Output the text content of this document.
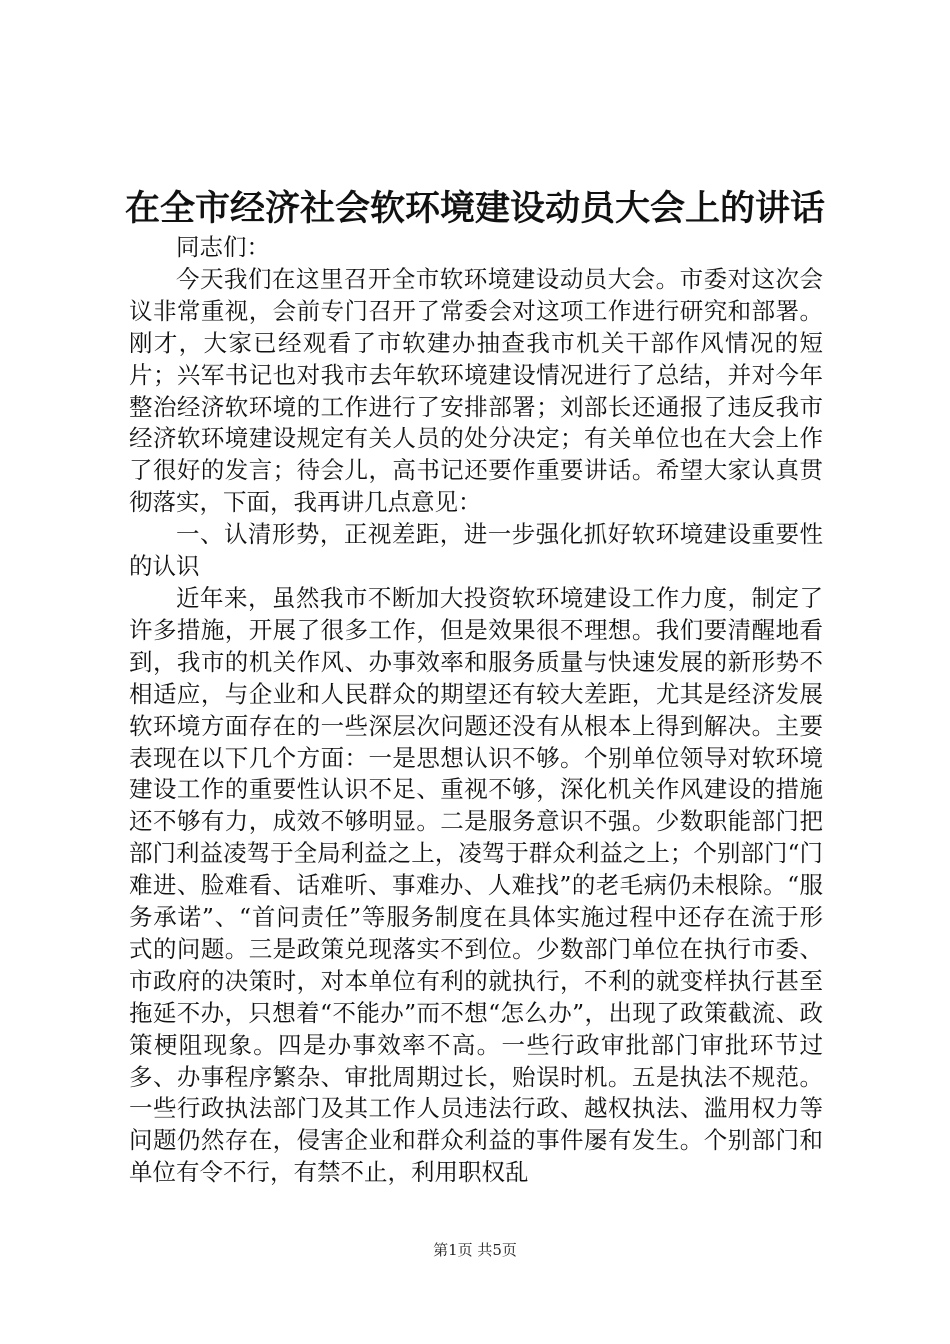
在全市经济社会软环境建设动员大会上的讲话

同志们：

今天我们在这里召开全市软环境建设动员大会。市委对这次会议非常重视，会前专门召开了常委会对这项工作进行研究和部署。刚才，大家已经观看了市软建办抽查我市机关干部作风情况的短片；兴军书记也对我市去年软环境建设情况进行了总结，并对今年整治经济软环境的工作进行了安排部署；刘部长还通报了违反我市经济软环境建设规定有关人员的处分决定；有关单位也在大会上作了很好的发言；待会儿，高书记还要作重要讲话。希望大家认真贯彻落实，下面，我再讲几点意见：

一、认清形势，正视差距，进一步强化抓好软环境建设重要性的认识

近年来，虽然我市不断加大投资软环境建设工作力度，制定了许多措施，开展了很多工作，但是效果很不理想。我们要清醒地看到，我市的机关作风、办事效率和服务质量与快速发展的新形势不相适应，与企业和人民群众的期望还有较大差距，尤其是经济发展软环境方面存在的一些深层次问题还没有从根本上得到解决。主要表现在以下几个方面：一是思想认识不够。个别单位领导对软环境建设工作的重要性认识不足、重视不够，深化机关作风建设的措施还不够有力，成效不够明显。二是服务意识不强。少数职能部门把部门利益凌驾于全局利益之上，凌驾于群众利益之上；个别部门“门难进、脸难看、话难听、事难办、人难找”的老毛病仍未根除。“服务承诺”、“首问责任”等服务制度在具体实施过程中还存在流于形式的问题。三是政策兑现落实不到位。少数部门单位在执行市委、市政府的决策时，对本单位有利的就执行，不利的就变样执行甚至拖延不办，只想着“不能办”而不想“怎么办”，出现了政策截流、政策梗阻现象。四是办事效率不高。一些行政审批部门审批环节过多、办事程序繁杂、审批周期过长，贻误时机。五是执法不规范。一些行政执法部门及其工作人员违法行政、越权执法、滥用权力等问题仍然存在，侵害企业和群众利益的事件屡有发生。个别部门和单位有令不行，有禁不止，利用职权乱

第1页 共5页
